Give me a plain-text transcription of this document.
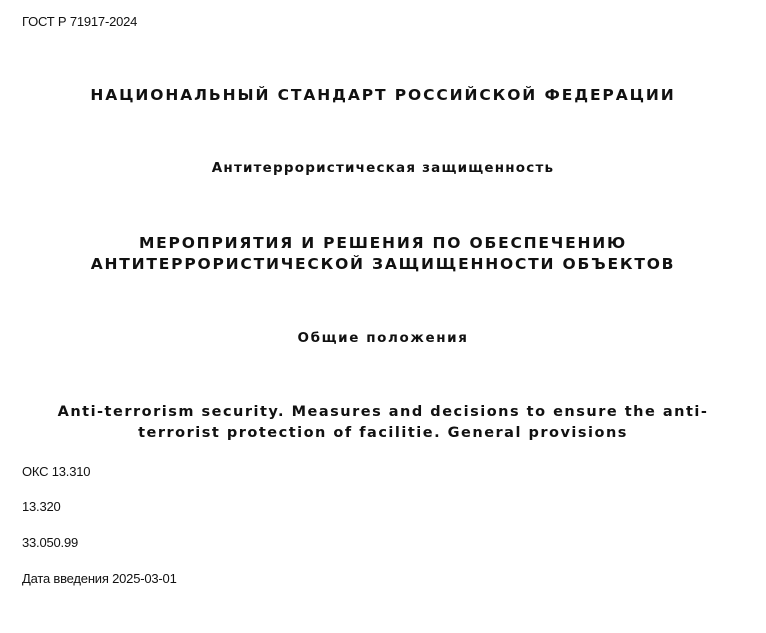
ГОСТ Р 71917-2024
НАЦИОНАЛЬНЫЙ СТАНДАРТ РОССИЙСКОЙ ФЕДЕРАЦИИ
Антитеррористическая защищенность
МЕРОПРИЯТИЯ И РЕШЕНИЯ ПО ОБЕСПЕЧЕНИЮ
АНТИТЕРРОРИСТИЧЕСКОЙ ЗАЩИЩЕННОСТИ ОБЪЕКТОВ
Общие положения
Anti-terrorism security. Measures and decisions to ensure the anti-
terrorist protection of facilitie. General provisions
ОКС 13.310
13.320
33.050.99
Дата введения 2025-03-01
